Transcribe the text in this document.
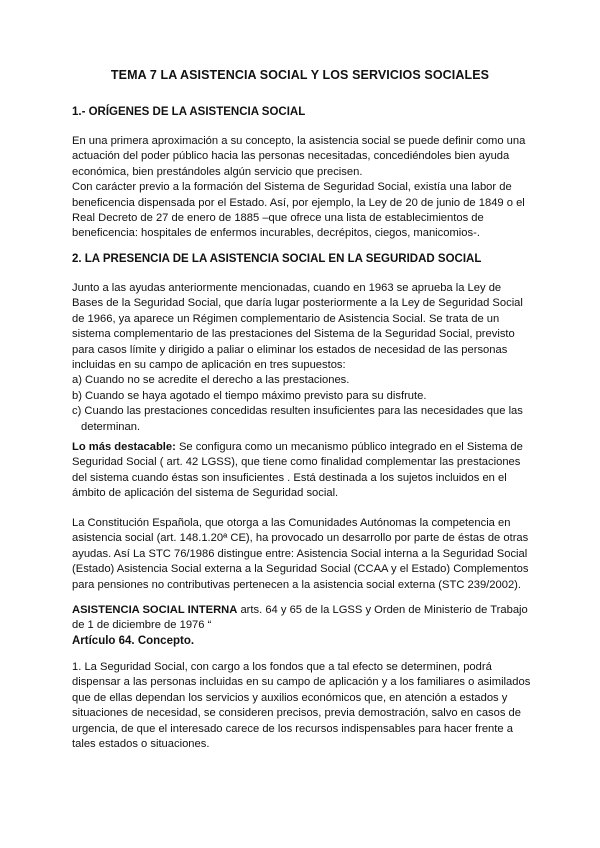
TEMA 7 LA ASISTENCIA SOCIAL Y LOS SERVICIOS SOCIALES
1.- ORÍGENES DE LA ASISTENCIA SOCIAL

En una primera aproximación a su concepto, la asistencia social se puede definir como una actuación del poder público hacia las personas necesitadas, concediéndoles bien ayuda económica, bien prestándoles algún servicio que precisen.

Con carácter previo a la formación del Sistema de Seguridad Social, existía una labor de beneficencia dispensada por el Estado. Así, por ejemplo, la Ley de 20 de junio de 1849 o el Real Decreto de 27 de enero de 1885 –que ofrece una lista de establecimientos de beneficencia: hospitales de enfermos incurables, decrépitos, ciegos, manicomios-.

2. LA PRESENCIA DE LA ASISTENCIA SOCIAL EN LA SEGURIDAD SOCIAL

Junto a las ayudas anteriormente mencionadas, cuando en 1963 se aprueba la Ley de Bases de la Seguridad Social, que daría lugar posteriormente a la Ley de Seguridad Social de 1966, ya aparece un Régimen complementario de Asistencia Social. Se trata de un sistema complementario de las prestaciones del Sistema de la Seguridad Social, previsto para casos límite y dirigido a paliar o eliminar los estados de necesidad de las personas incluidas en su campo de aplicación en tres supuestos:

a) Cuando no se acredite el derecho a las prestaciones.

b) Cuando se haya agotado el tiempo máximo previsto para su disfrute.

c) Cuando las prestaciones concedidas resulten insuficientes para las necesidades que las determinan.

Lo más destacable: Se configura como un mecanismo público integrado en el Sistema de Seguridad Social ( art. 42 LGSS), que tiene como finalidad complementar las prestaciones del sistema cuando éstas son insuficientes . Está destinada a los sujetos incluidos en el ámbito de aplicación del sistema de Seguridad social.

La Constitución Española, que otorga a las Comunidades Autónomas la competencia en asistencia social (art. 148.1.20ª CE), ha provocado un desarrollo por parte de éstas de otras ayudas. Así La STC 76/1986 distingue entre: Asistencia Social interna a la Seguridad Social (Estado) Asistencia Social externa a la Seguridad Social (CCAA y el Estado) Complementos para pensiones no contributivas pertenecen a la asistencia social externa (STC 239/2002).

ASISTENCIA SOCIAL INTERNA arts. 64 y 65 de la LGSS y Orden de Ministerio de Trabajo de 1 de diciembre de 1976 “

Artículo 64. Concepto.

1. La Seguridad Social, con cargo a los fondos que a tal efecto se determinen, podrá dispensar a las personas incluidas en su campo de aplicación y a los familiares o asimilados que de ellas dependan los servicios y auxilios económicos que, en atención a estados y situaciones de necesidad, se consideren precisos, previa demostración, salvo en casos de urgencia, de que el interesado carece de los recursos indispensables para hacer frente a tales estados o situaciones.
